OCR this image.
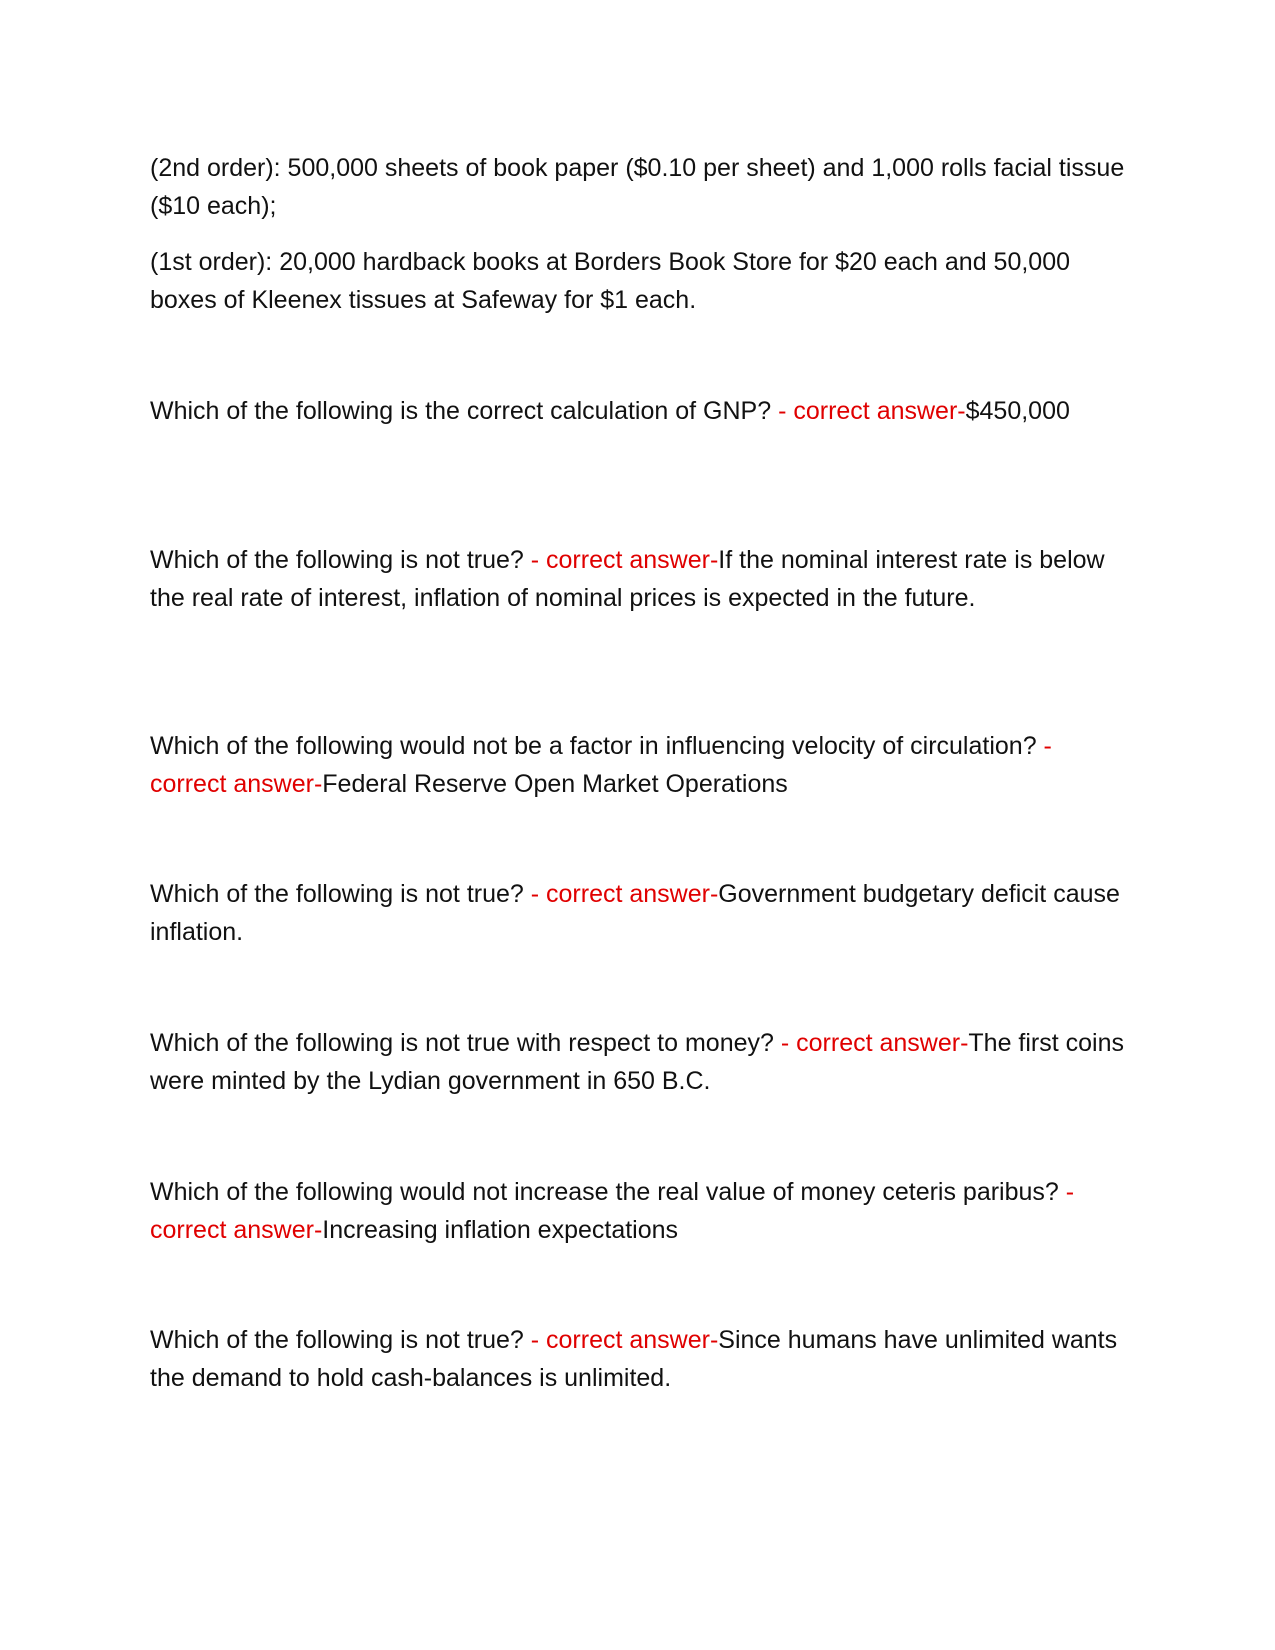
(2nd order): 500,000 sheets of book paper ($0.10 per sheet) and 1,000 rolls facial tissue ($10 each);
(1st order): 20,000 hardback books at Borders Book Store for $20 each and 50,000 boxes of Kleenex tissues at Safeway for $1 each.
Which of the following is the correct calculation of GNP? - correct answer-$450,000
Which of the following is not true? - correct answer-If the nominal interest rate is below the real rate of interest, inflation of nominal prices is expected in the future.
Which of the following would not be a factor in influencing velocity of circulation? - correct answer-Federal Reserve Open Market Operations
Which of the following is not true? - correct answer-Government budgetary deficit cause inflation.
Which of the following is not true with respect to money? - correct answer-The first coins were minted by the Lydian government in 650 B.C.
Which of the following would not increase the real value of money ceteris paribus? - correct answer-Increasing inflation expectations
Which of the following is not true? - correct answer-Since humans have unlimited wants the demand to hold cash-balances is unlimited.
